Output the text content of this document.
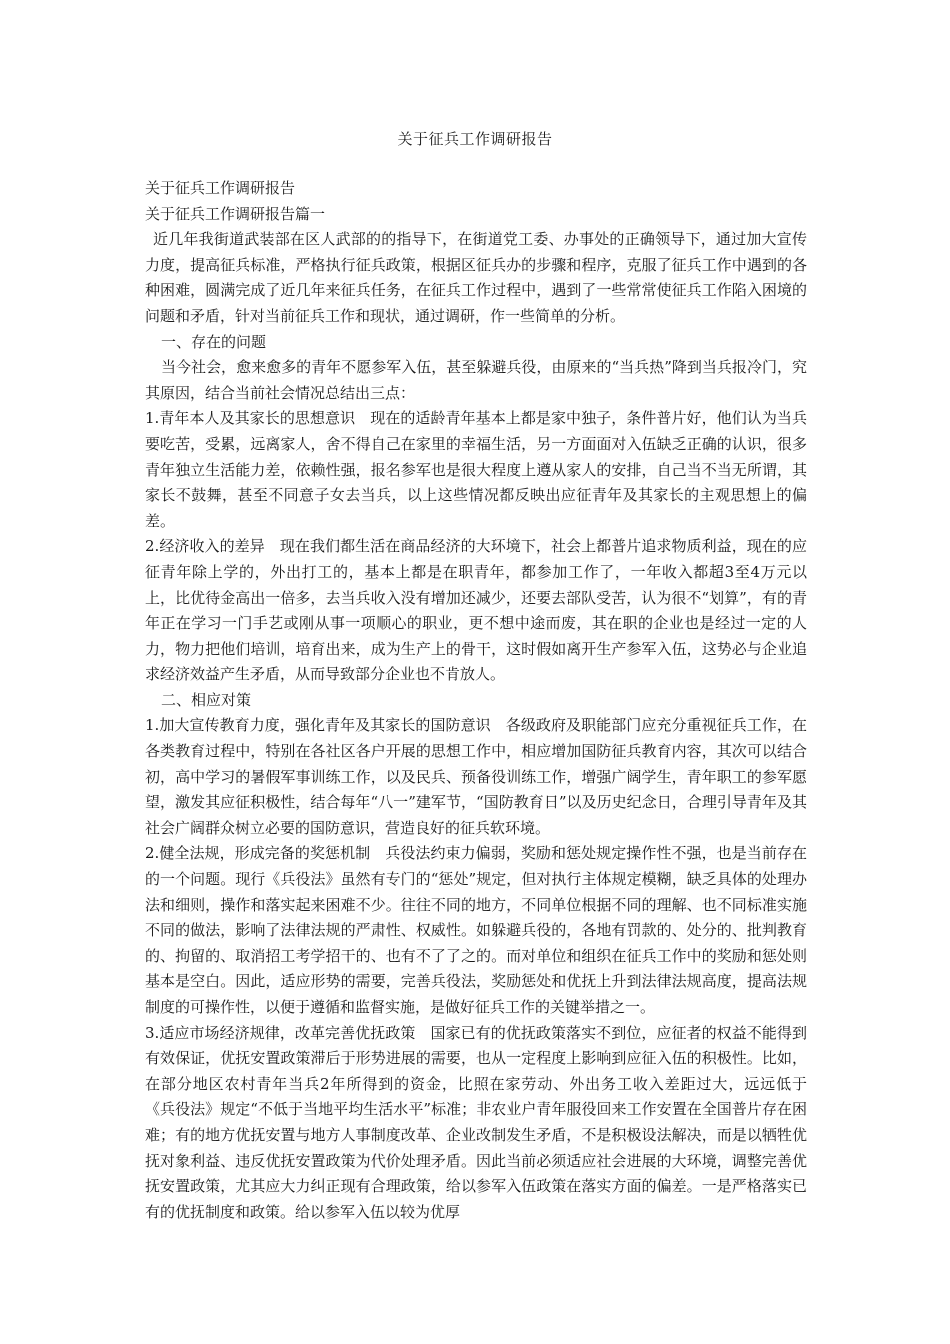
关于征兵工作调研报告

关于征兵工作调研报告

关于征兵工作调研报告篇一

近几年我街道武装部在区人武部的的指导下，在街道党工委、办事处的正确领导下，通过加大宣传力度，提高征兵标准，严格执行征兵政策，根据区征兵办的步骤和程序，克服了征兵工作中遇到的各种困难，圆满完成了近几年来征兵任务，在征兵工作过程中，遇到了一些常常使征兵工作陷入困境的问题和矛盾，针对当前征兵工作和现状，通过调研，作一些简单的分析。

一、存在的问题

当今社会，愈来愈多的青年不愿参军入伍，甚至躲避兵役，由原来的“当兵热”降到当兵报冷门，究其原因，结合当前社会情况总结出三点：

1.青年本人及其家长的思想意识　现在的适龄青年基本上都是家中独子，条件普片好，他们认为当兵要吃苦，受累，远离家人，舍不得自己在家里的幸福生活，另一方面面对入伍缺乏正确的认识，很多青年独立生活能力差，依赖性强，报名参军也是很大程度上遵从家人的安排，自己当不当无所谓，其家长不鼓舞，甚至不同意子女去当兵，以上这些情况都反映出应征青年及其家长的主观思想上的偏差。

2.经济收入的差异　现在我们都生活在商品经济的大环境下，社会上都普片追求物质利益，现在的应征青年除上学的，外出打工的，基本上都是在职青年，都参加工作了，一年收入都超3至4万元以上，比优待金高出一倍多，去当兵收入没有增加还减少，还要去部队受苦，认为很不“划算”，有的青年正在学习一门手艺或刚从事一项顺心的职业，更不想中途而废，其在职的企业也是经过一定的人力，物力把他们培训，培育出来，成为生产上的骨干，这时假如离开生产参军入伍，这势必与企业追求经济效益产生矛盾，从而导致部分企业也不肯放人。

二、相应对策

1.加大宣传教育力度，强化青年及其家长的国防意识　各级政府及职能部门应充分重视征兵工作，在各类教育过程中，特别在各社区各户开展的思想工作中，相应增加国防征兵教育内容，其次可以结合初，高中学习的暑假军事训练工作，以及民兵、预备役训练工作，增强广阔学生，青年职工的参军愿望，激发其应征积极性，结合每年“八一”建军节，“国防教育日”以及历史纪念日，合理引导青年及其社会广阔群众树立必要的国防意识，营造良好的征兵软环境。

2.健全法规，形成完备的奖惩机制　兵役法约束力偏弱，奖励和惩处规定操作性不强，也是当前存在的一个问题。现行《兵役法》虽然有专门的“惩处”规定，但对执行主体规定模糊，缺乏具体的处理办法和细则，操作和落实起来困难不少。往往不同的地方，不同单位根据不同的理解、也不同标准实施不同的做法，影响了法律法规的严肃性、权威性。如躲避兵役的，各地有罚款的、处分的、批判教育的、拘留的、取消招工考学招干的、也有不了了之的。而对单位和组织在征兵工作中的奖励和惩处则基本是空白。因此，适应形势的需要，完善兵役法，奖励惩处和优抚上升到法律法规高度，提高法规制度的可操作性，以便于遵循和监督实施，是做好征兵工作的关键举措之一。

3.适应市场经济规律，改革完善优抚政策　国家已有的优抚政策落实不到位，应征者的权益不能得到有效保证，优抚安置政策滞后于形势进展的需要，也从一定程度上影响到应征入伍的积极性。比如，在部分地区农村青年当兵2年所得到的资金，比照在家劳动、外出务工收入差距过大，远远低于　《兵役法》规定“不低于当地平均生活水平”标准；非农业户青年服役回来工作安置在全国普片存在困难；有的地方优抚安置与地方人事制度改革、企业改制发生矛盾，不是积极设法解决，而是以牺牲优抚对象利益、违反优抚安置政策为代价处理矛盾。因此当前必须适应社会进展的大环境，调整完善优抚安置政策，尤其应大力纠正现有合理政策，给以参军入伍政策在落实方面的偏差。一是严格落实已有的优抚制度和政策。给以参军入伍以较为优厚
